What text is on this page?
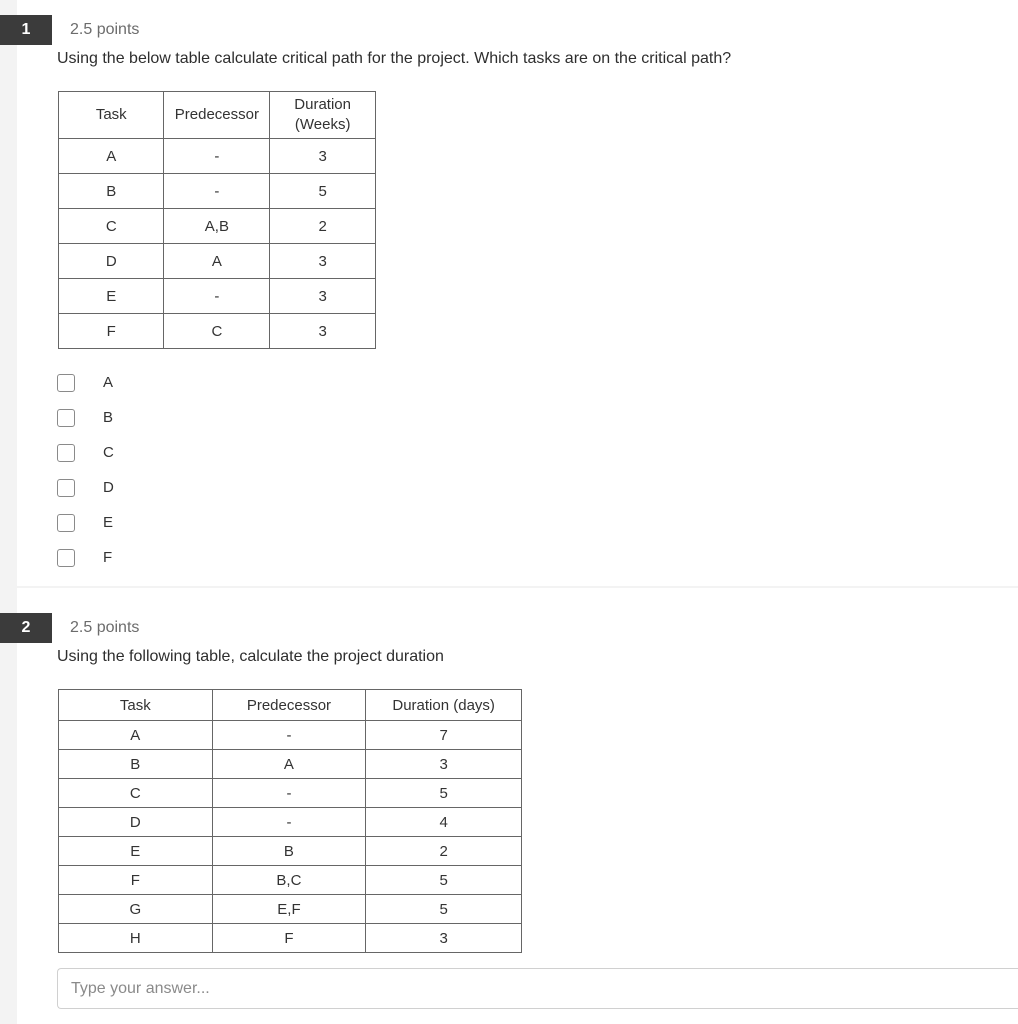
1	2.5 points
Using the below table calculate critical path for the project. Which tasks are on the critical path?
Task	Predecessor	Duration
(Weeks)
A	-	3
B	-	5
C	A,B	2
D	A	3
E	-	3
F	C	3
A
B
C
D
E
F
2	2.5 points
Using the following table, calculate the project duration
Task	Predecessor	Duration (days)
A	-	7
B	A	3
C	-	5
D	-	4
E	B	2
F	B,C	5
G	E,F	5
H	F	3
Type your answer...
